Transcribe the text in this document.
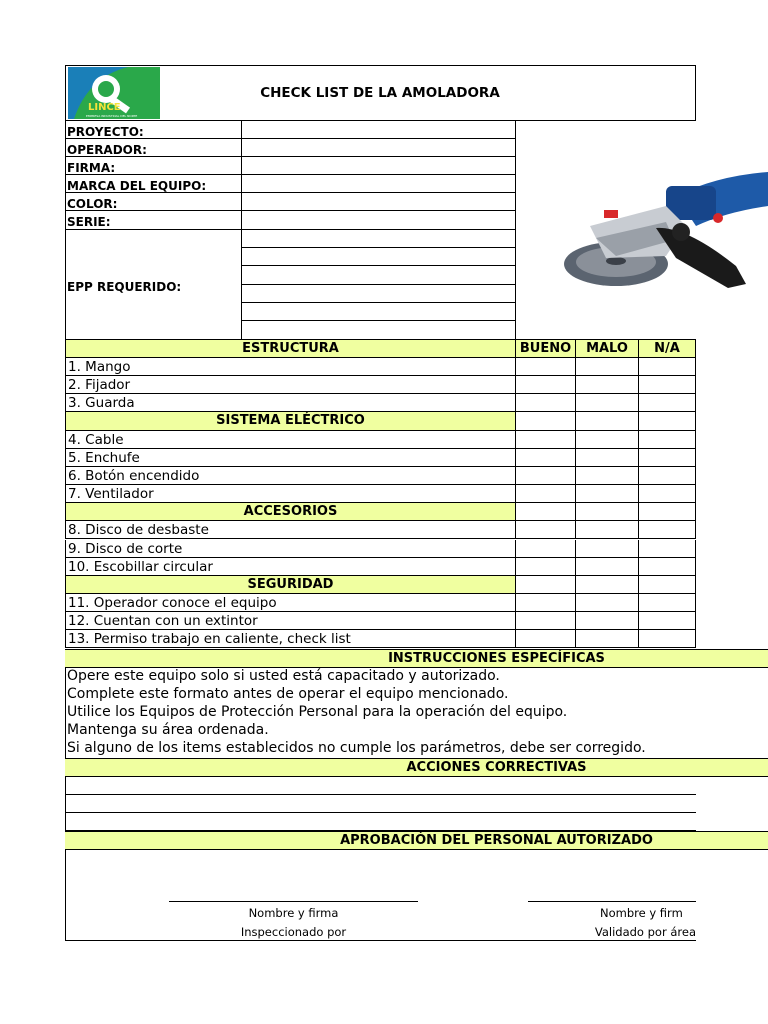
LINCE
EMPRESA INDUSTRIAL DEL NORTE
CHECK LIST DE LA AMOLADORA
PROYECTO:
OPERADOR:
FIRMA:
MARCA DEL EQUIPO:
COLOR:
SERIE:
EPP REQUERIDO:
ESTRUCTURA	BUENO	MALO	N/A
1. Mango
2. Fijador
3. Guarda
SISTEMA ELÉCTRICO
4. Cable
5. Enchufe
6. Botón encendido
7. Ventilador
ACCESORIOS
8. Disco de desbaste
9. Disco de corte
10. Escobillar circular
SEGURIDAD
11. Operador conoce el equipo
12. Cuentan con un extintor
13. Permiso trabajo en caliente, check list
INSTRUCCIONES ESPECÍFICAS
Opere este equipo solo si usted está capacitado y autorizado.
Complete este formato antes de operar el equipo mencionado.
Utilice los Equipos de Protección Personal para la operación del equipo.
Mantenga su área ordenada.
Si alguno de los items establecidos no cumple los parámetros, debe ser corregido.
ACCIONES CORRECTIVAS
APROBACIÓN DEL PERSONAL AUTORIZADO
Nombre y firma
Inspeccionado por
Nombre y firm
Validado por área
